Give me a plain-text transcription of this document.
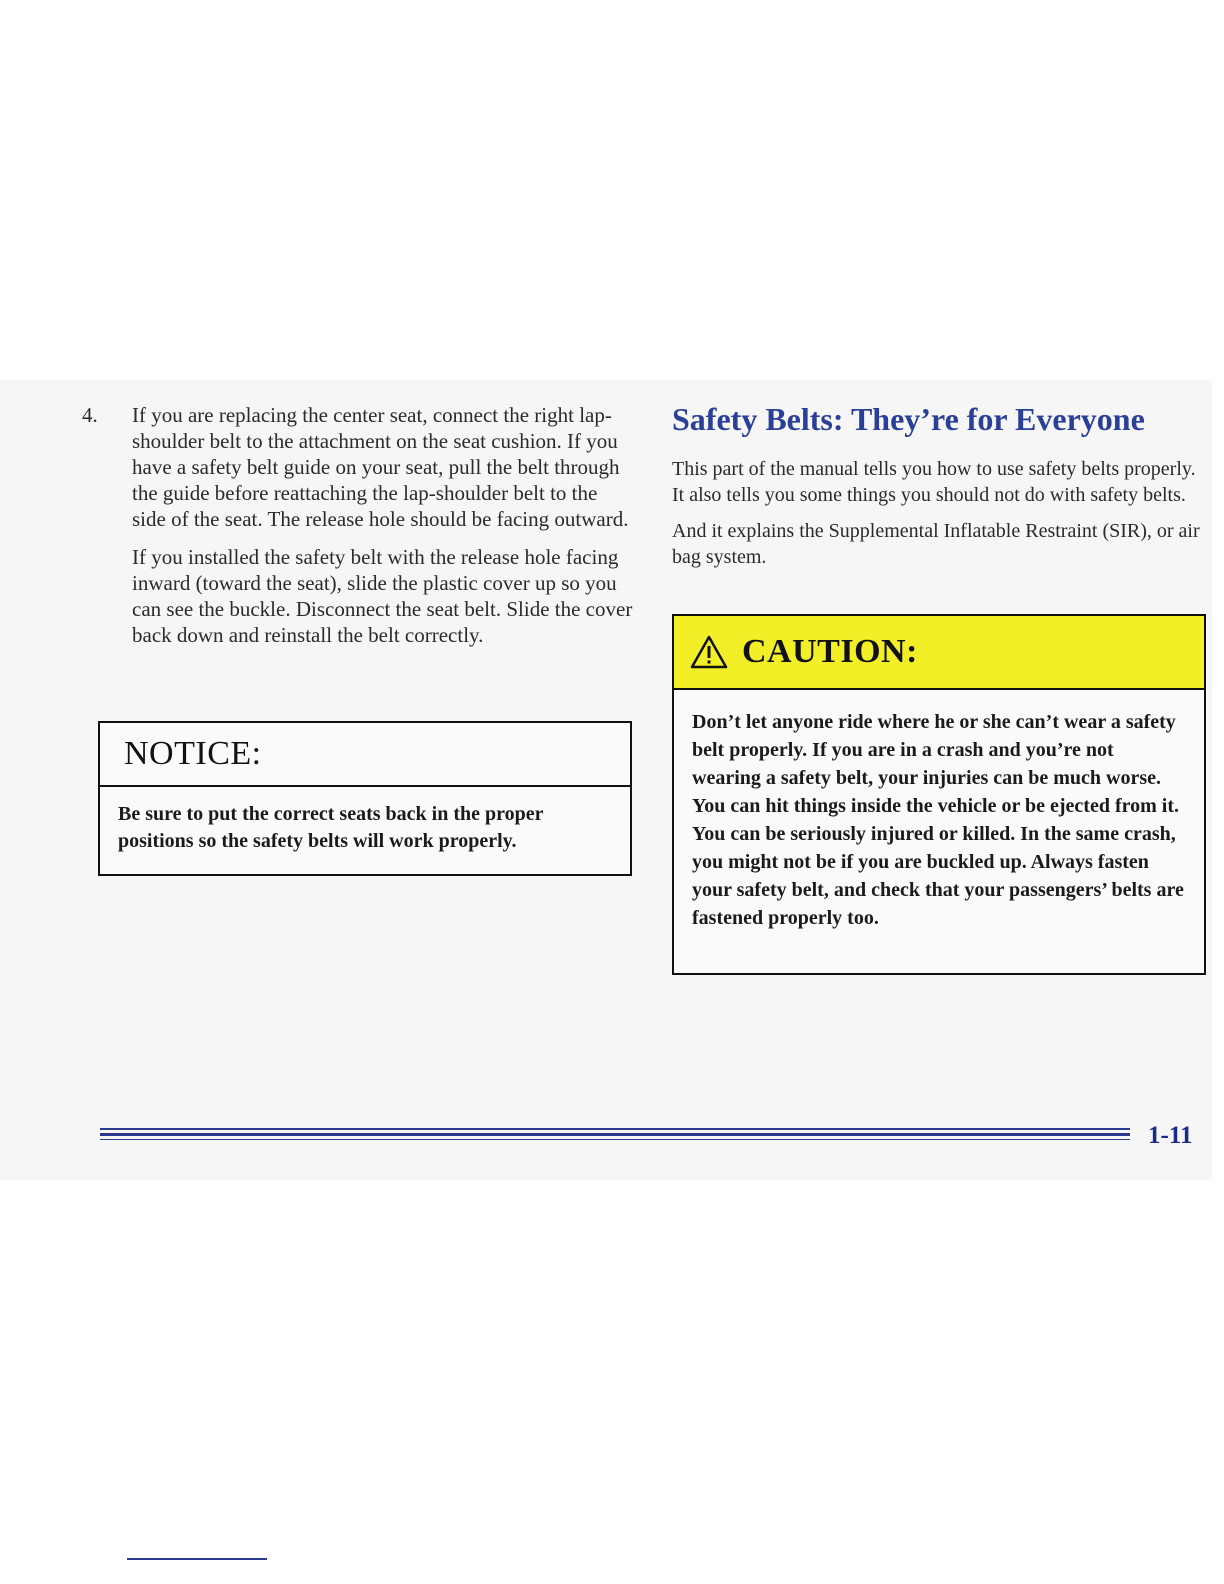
4. If you are replacing the center seat, connect the right lap-shoulder belt to the attachment on the seat cushion. If you have a safety belt guide on your seat, pull the belt through the guide before reattaching the lap-shoulder belt to the side of the seat. The release hole should be facing outward.

If you installed the safety belt with the release hole facing inward (toward the seat), slide the plastic cover up so you can see the buckle. Disconnect the seat belt. Slide the cover back down and reinstall the belt correctly.

NOTICE:
Be sure to put the correct seats back in the proper positions so the safety belts will work properly.
Safety Belts: They’re for Everyone

This part of the manual tells you how to use safety belts properly. It also tells you some things you should not do with safety belts.

And it explains the Supplemental Inflatable Restraint (SIR), or air bag system.

CAUTION:
Don’t let anyone ride where he or she can’t wear a safety belt properly. If you are in a crash and you’re not wearing a safety belt, your injuries can be much worse. You can hit things inside the vehicle or be ejected from it. You can be seriously injured or killed. In the same crash, you might not be if you are buckled up. Always fasten your safety belt, and check that your passengers’ belts are fastened properly too.
1-11
